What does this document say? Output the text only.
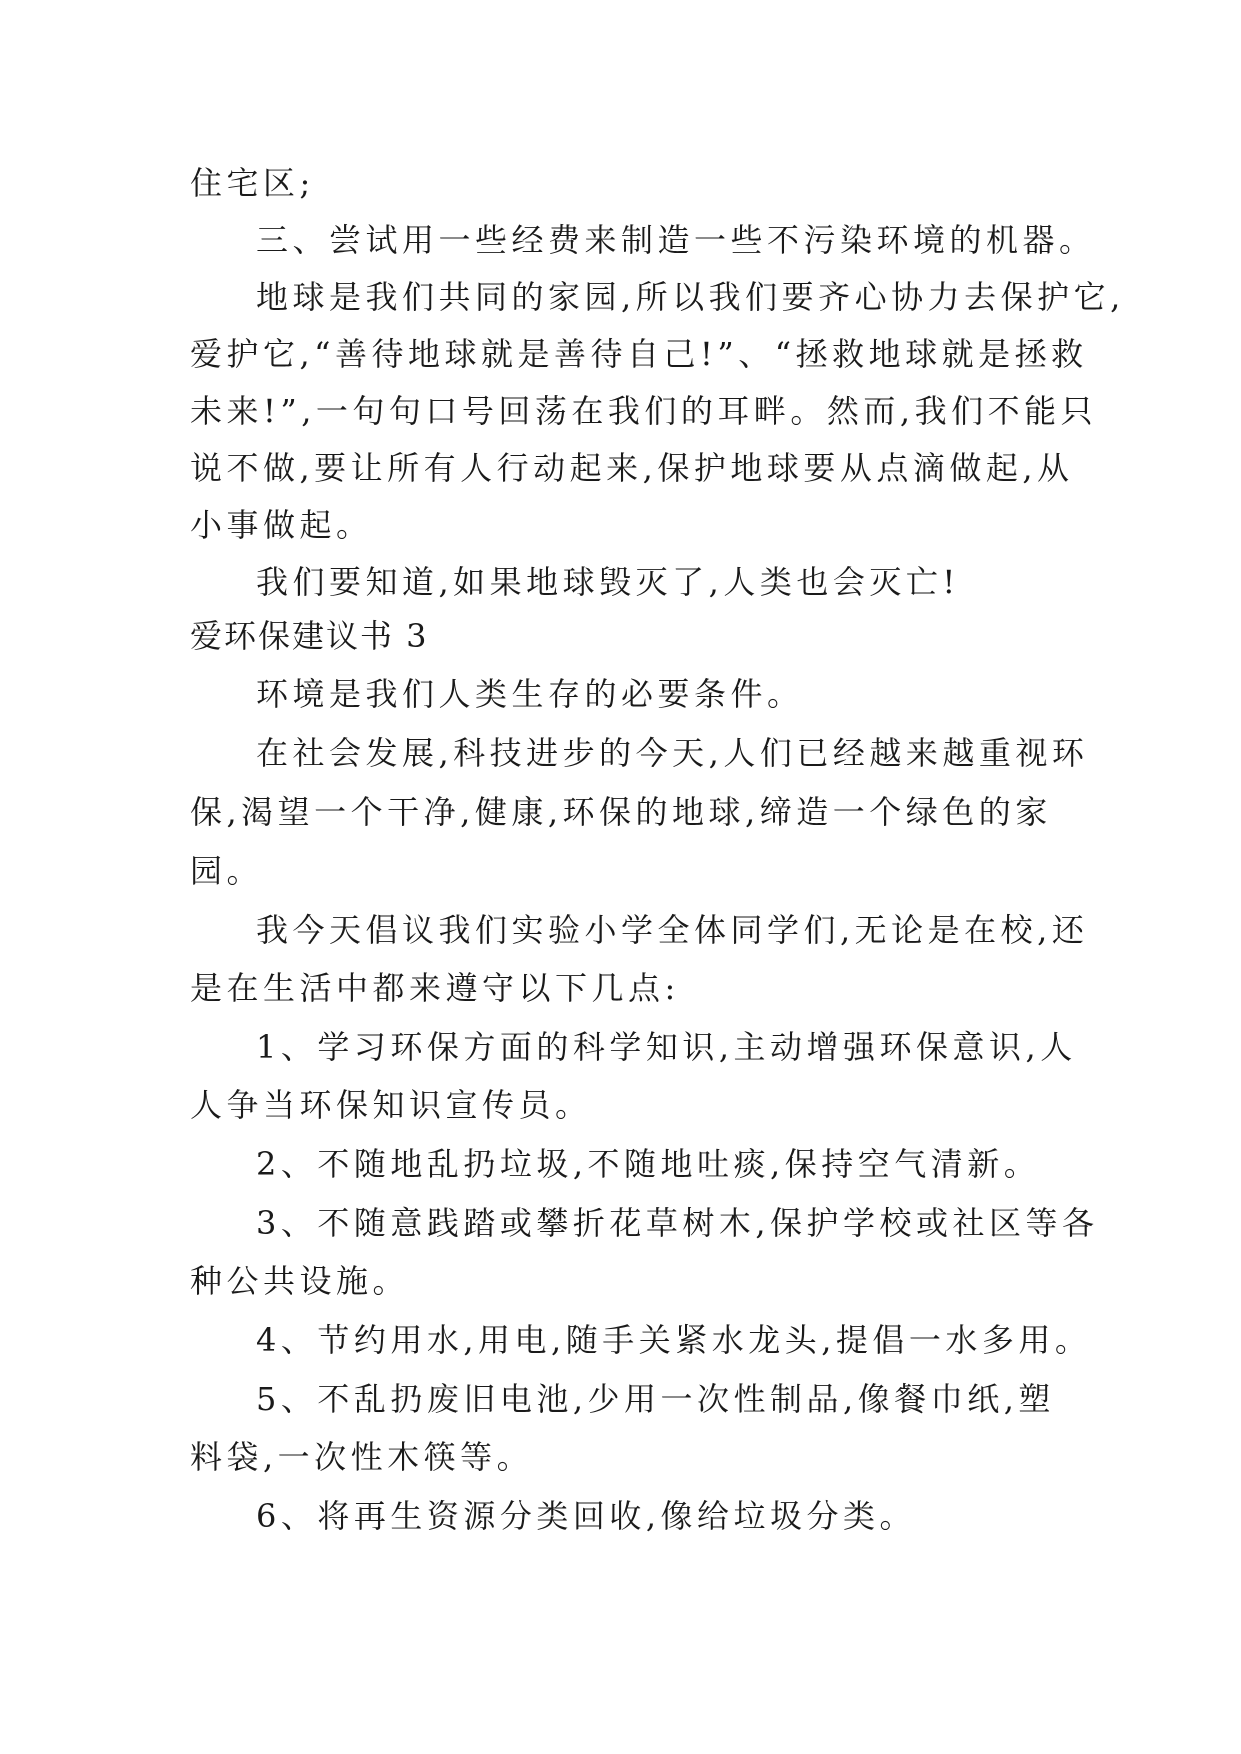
住宅区;
三、尝试用一些经费来制造一些不污染环境的机器。
地球是我们共同的家园,所以我们要齐心协力去保护它,
爱护它,“善待地球就是善待自己!”、“拯救地球就是拯救
未来!”,一句句口号回荡在我们的耳畔。然而,我们不能只
说不做,要让所有人行动起来,保护地球要从点滴做起,从
小事做起。
我们要知道,如果地球毁灭了,人类也会灭亡!
爱环保建议书 3
环境是我们人类生存的必要条件。
在社会发展,科技进步的今天,人们已经越来越重视环
保,渴望一个干净,健康,环保的地球,缔造一个绿色的家
园。
我今天倡议我们实验小学全体同学们,无论是在校,还
是在生活中都来遵守以下几点:
1、学习环保方面的科学知识,主动增强环保意识,人
人争当环保知识宣传员。
2、不随地乱扔垃圾,不随地吐痰,保持空气清新。
3、不随意践踏或攀折花草树木,保护学校或社区等各
种公共设施。
4、节约用水,用电,随手关紧水龙头,提倡一水多用。
5、不乱扔废旧电池,少用一次性制品,像餐巾纸,塑
料袋,一次性木筷等。
6、将再生资源分类回收,像给垃圾分类。
